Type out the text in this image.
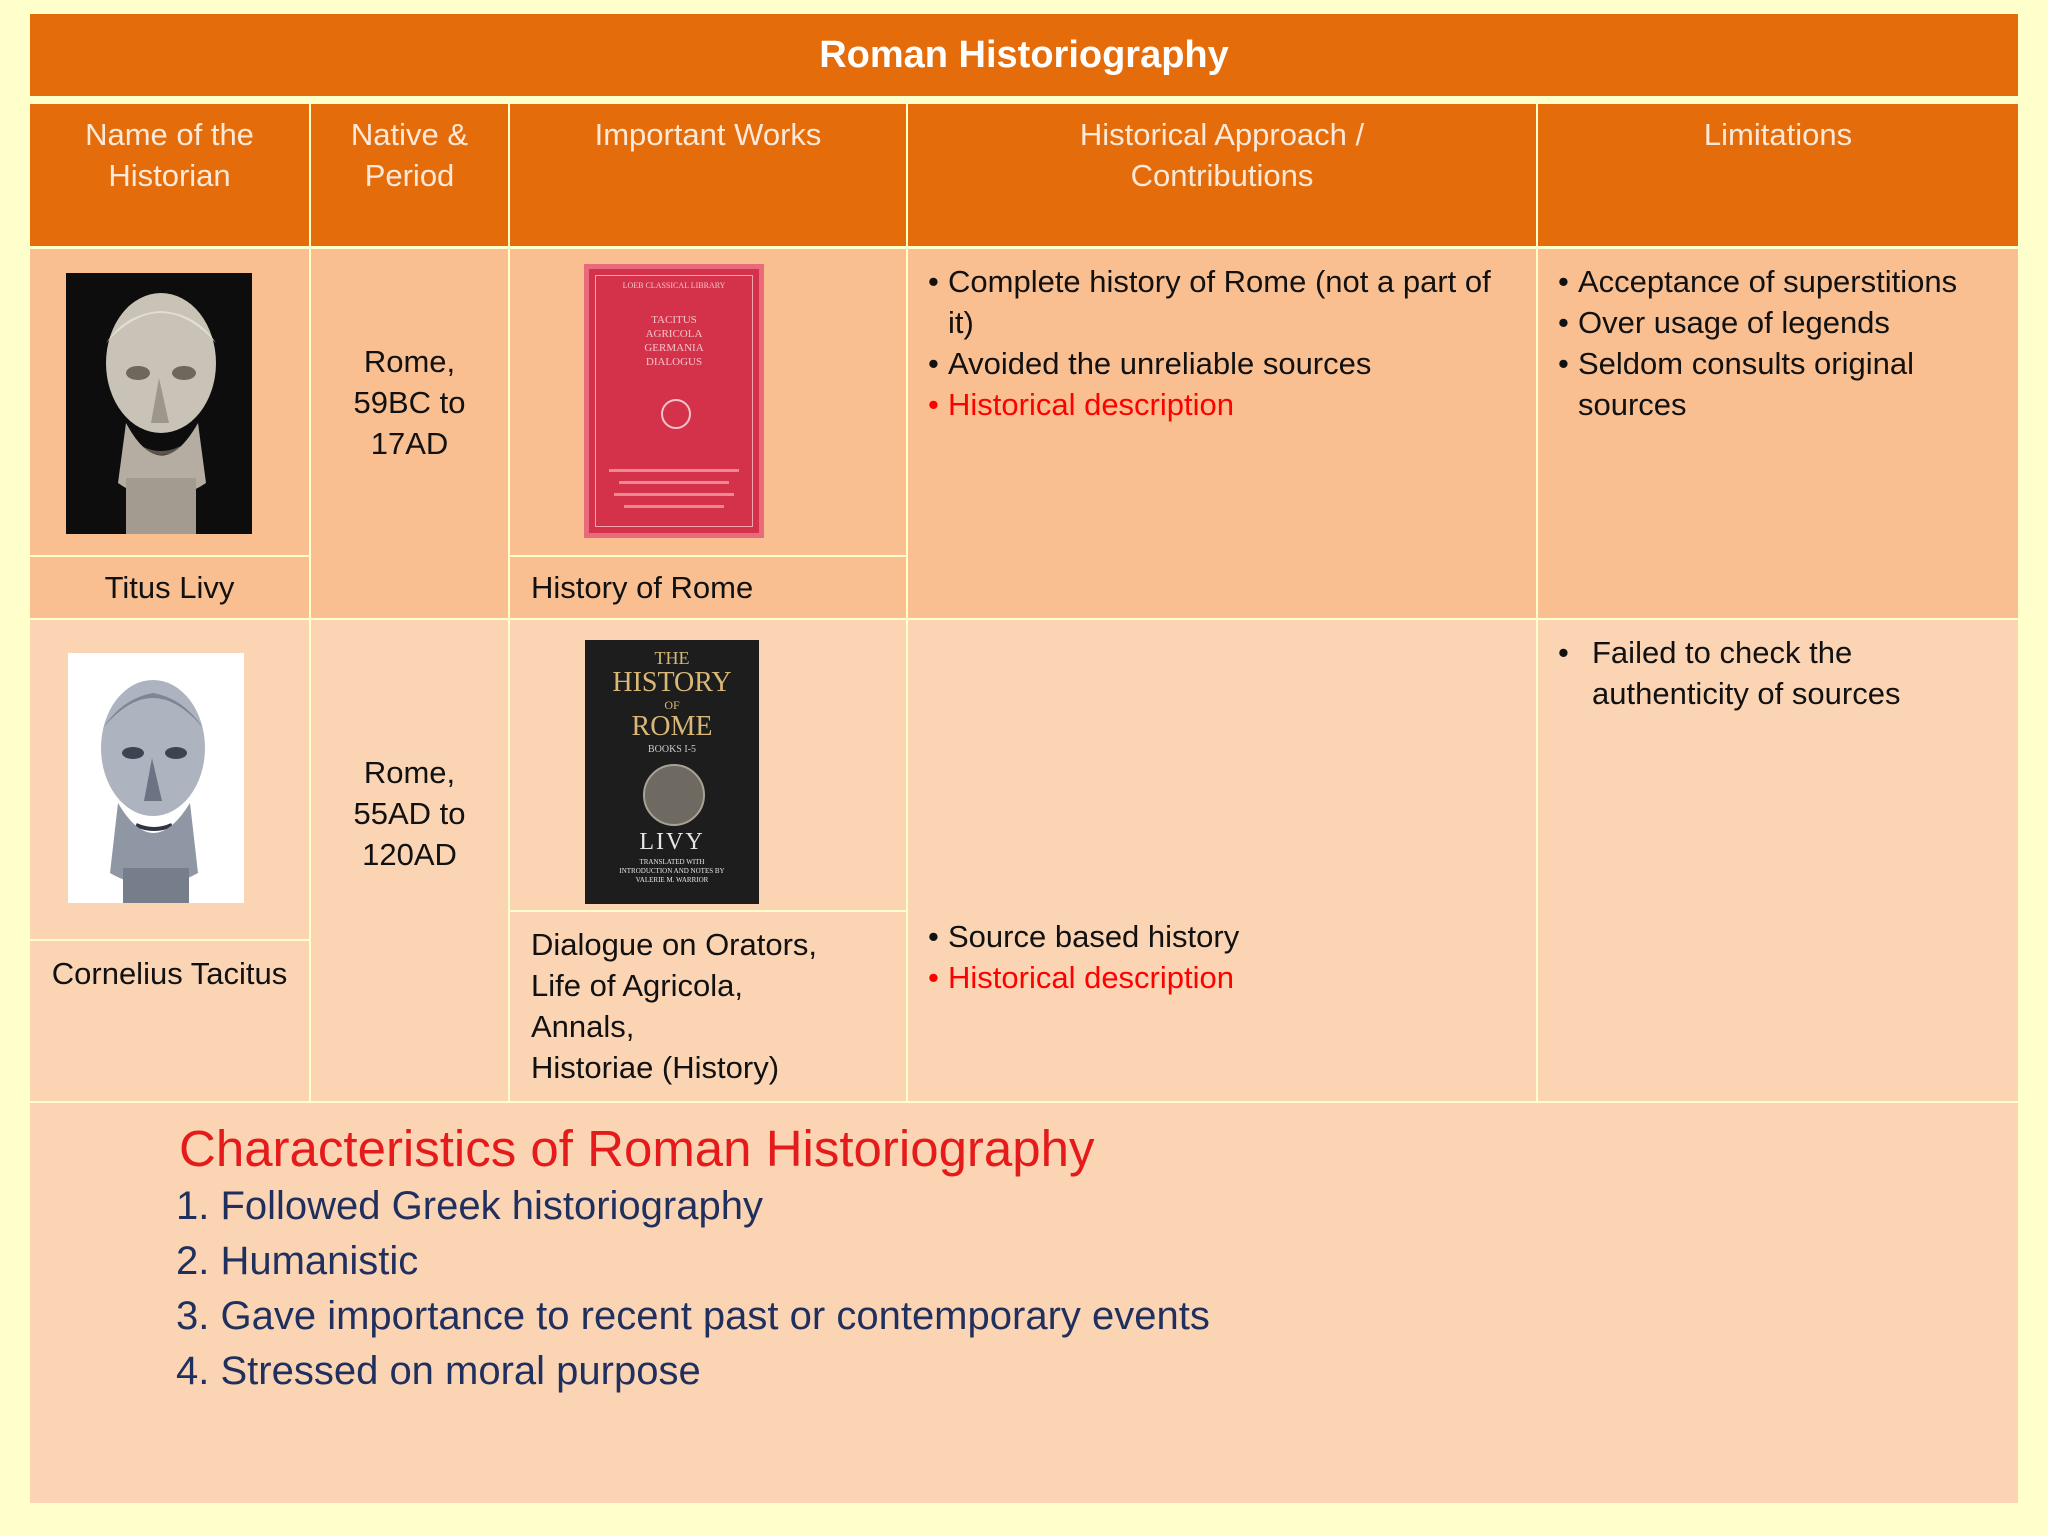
Roman Historiography
Name of the Historian
Native & Period
Important Works	Historical Approach / Contributions
Limitations
Titus Livy
Rome,
59BC to
17AD
LOEB CLASSICAL LIBRARY
TACITUS
AGRICOLA
GERMANIA
DIALOGUS
History of Rome

• Complete history of Rome (not a part of it)

• Avoided the unreliable sources

• Historical description

• Acceptance of superstitions

• Over usage of legends

• Seldom consults original sources

Cornelius Tacitus
Rome,
55AD to
120AD
THE
HISTORY
OF
ROME
BOOKS I-5
LIVY
TRANSLATED WITH
INTRODUCTION AND NOTES BY
VALERIE M. WARRIOR
Dialogue on Orators,
Life of Agricola,
Annals,
Historiae (History)

• Source based history

• Historical description

• Failed to check the authenticity of sources

Characteristics of Roman Historiography
1. Followed Greek historiography
2. Humanistic
3. Gave importance to recent past or contemporary events
4. Stressed on moral purpose
